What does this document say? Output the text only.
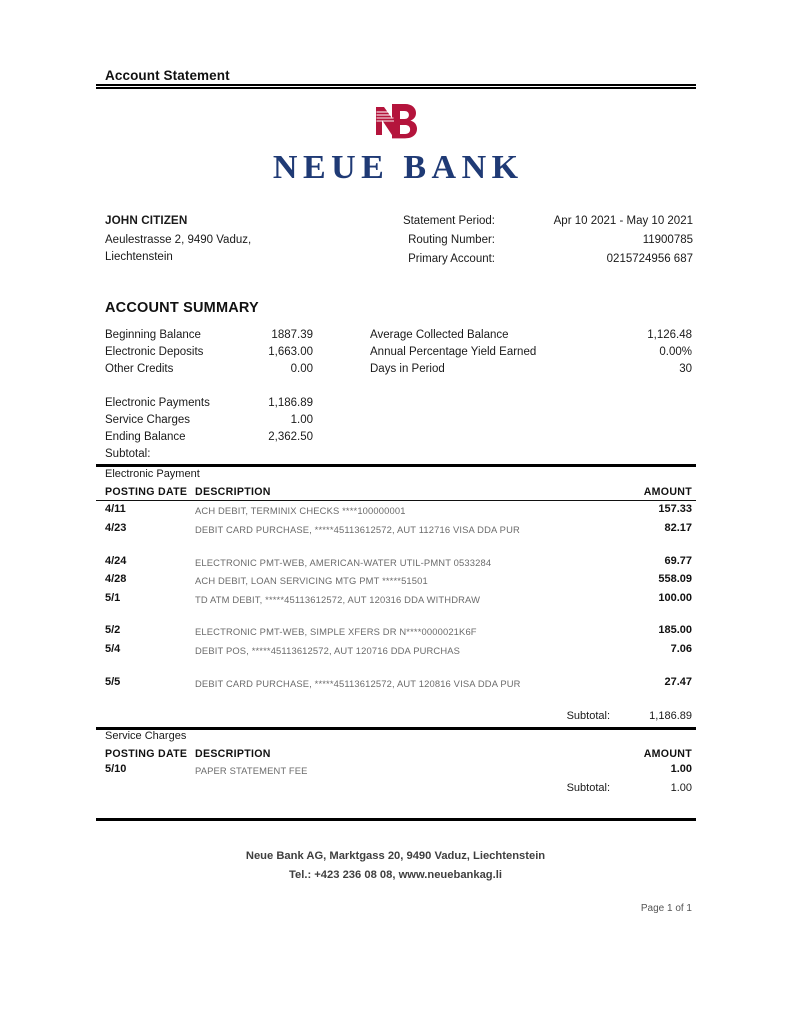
Account Statement
NEUE BANK
JOHN CITIZEN
Aeulestrasse 2, 9490 Vaduz,
Liechtenstein
Statement Period:	Apr 10 2021 - May 10 2021
Routing Number:	11900785
Primary Account:	0215724956 687
ACCOUNT SUMMARY
Beginning Balance	1887.39
Electronic Deposits	1,663.00
Other Credits	0.00
Average Collected Balance	1,126.48
Annual Percentage Yield Earned	0.00%
Days in Period	30
Electronic Payments	1,186.89
Service Charges	1.00
Ending Balance	2,362.50
Subtotal:
Electronic Payment
POSTING DATE DESCRIPTION	AMOUNT
4/11	ACH DEBIT, TERMINIX CHECKS ****100000001	157.33
4/23	DEBIT CARD PURCHASE, *****45113612572, AUT 112716 VISA DDA PUR	82.17
4/24	ELECTRONIC PMT-WEB, AMERICAN-WATER UTIL-PMNT 0533284	69.77
4/28	ACH DEBIT, LOAN SERVICING MTG PMT *****51501	558.09
5/1	TD ATM DEBIT, *****45113612572, AUT 120316 DDA WITHDRAW	100.00
5/2	ELECTRONIC PMT-WEB, SIMPLE XFERS DR N****0000021K6F	185.00
5/4	DEBIT POS, *****45113612572, AUT 120716 DDA PURCHAS	7.06
5/5	DEBIT CARD PURCHASE, *****45113612572, AUT 120816 VISA DDA PUR	27.47
Subtotal:	1,186.89
Service Charges
POSTING DATE DESCRIPTION	AMOUNT
5/10	PAPER STATEMENT FEE	1.00
Subtotal:	1.00
Neue Bank AG, Marktgass 20, 9490 Vaduz, Liechtenstein
Tel.: +423 236 08 08, www.neuebankag.li
Page 1 of 1
